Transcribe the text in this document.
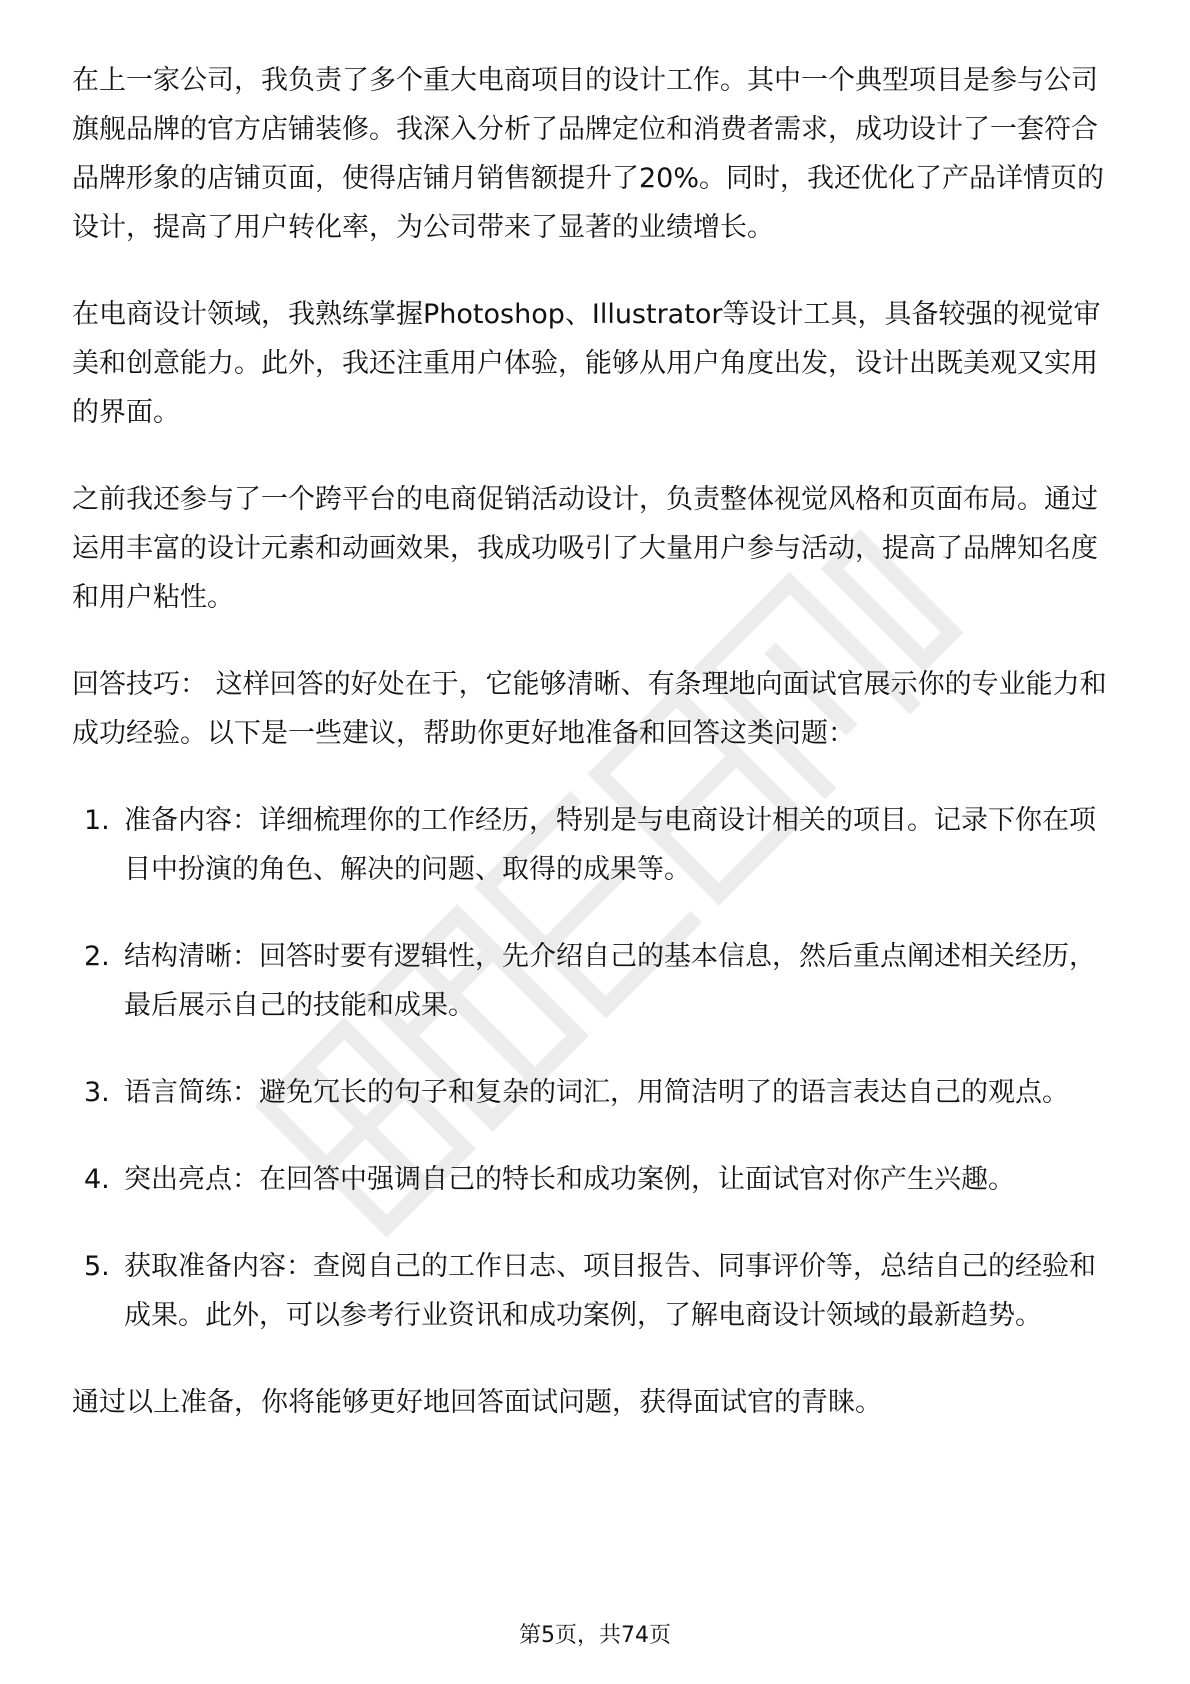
在上一家公司，我负责了多个重大电商项目的设计工作。其中一个典型项目是参与公司旗舰品牌的官方店铺装修。我深入分析了品牌定位和消费者需求，成功设计了一套符合品牌形象的店铺页面，使得店铺月销售额提升了20%。同时，我还优化了产品详情页的设计，提高了用户转化率，为公司带来了显著的业绩增长。

在电商设计领域，我熟练掌握Photoshop、Illustrator等设计工具，具备较强的视觉审美和创意能力。此外，我还注重用户体验，能够从用户角度出发，设计出既美观又实用的界面。

之前我还参与了一个跨平台的电商促销活动设计，负责整体视觉风格和页面布局。通过运用丰富的设计元素和动画效果，我成功吸引了大量用户参与活动，提高了品牌知名度和用户粘性。

回答技巧： 这样回答的好处在于，它能够清晰、有条理地向面试官展示你的专业能力和成功经验。以下是一些建议，帮助你更好地准备和回答这类问题：

1. 准备内容：详细梳理你的工作经历，特别是与电商设计相关的项目。记录下你在项目中扮演的角色、解决的问题、取得的成果等。
2. 结构清晰：回答时要有逻辑性，先介绍自己的基本信息，然后重点阐述相关经历，最后展示自己的技能和成果。
3. 语言简练：避免冗长的句子和复杂的词汇，用简洁明了的语言表达自己的观点。
4. 突出亮点：在回答中强调自己的特长和成功案例，让面试官对你产生兴趣。
5. 获取准备内容：查阅自己的工作日志、项目报告、同事评价等，总结自己的经验和成果。此外，可以参考行业资讯和成功案例，了解电商设计领域的最新趋势。

通过以上准备，你将能够更好地回答面试问题，获得面试官的青睐。

第5页，共74页
